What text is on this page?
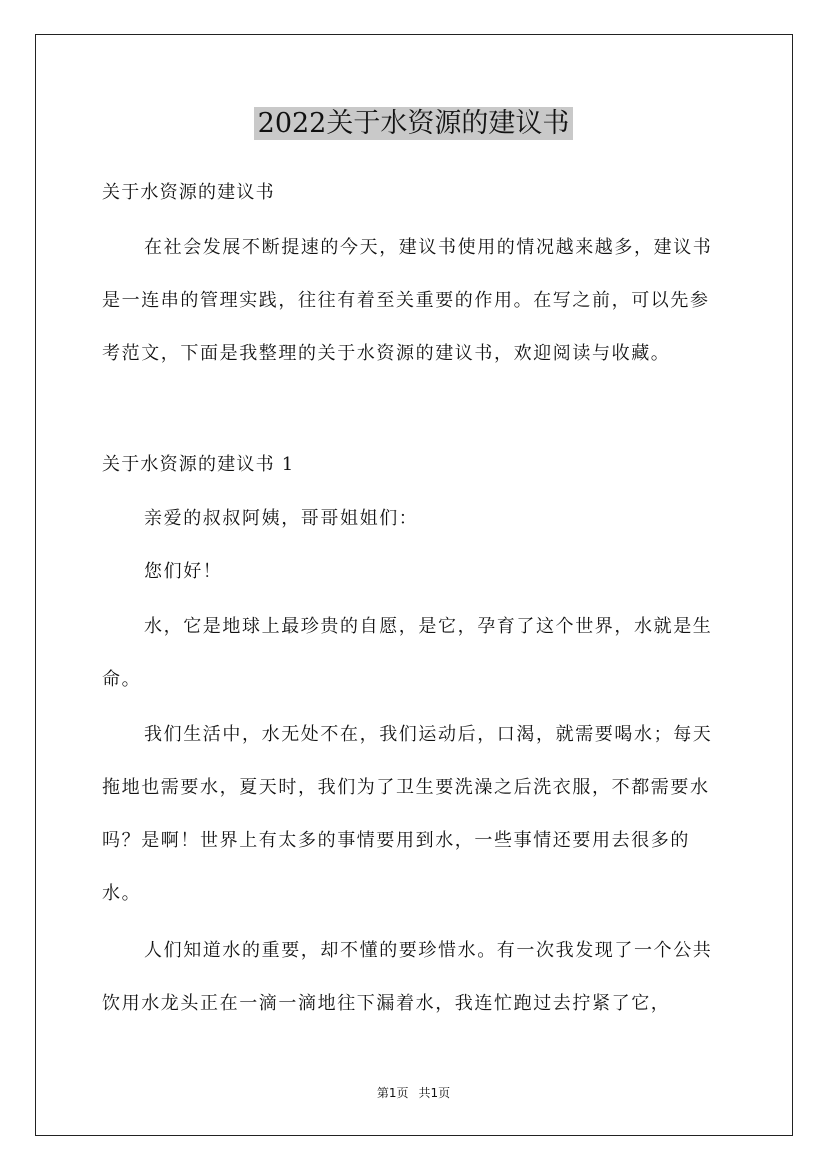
2022关于水资源的建议书

关于水资源的建议书

在社会发展不断提速的今天，建议书使用的情况越来越多，建议书是一连串的管理实践，往往有着至关重要的作用。在写之前，可以先参考范文，下面是我整理的关于水资源的建议书，欢迎阅读与收藏。

关于水资源的建议书 1

亲爱的叔叔阿姨，哥哥姐姐们：

您们好！

水，它是地球上最珍贵的自愿，是它，孕育了这个世界，水就是生命。

我们生活中，水无处不在，我们运动后，口渴，就需要喝水；每天拖地也需要水，夏天时，我们为了卫生要洗澡之后洗衣服，不都需要水吗？是啊！世界上有太多的事情要用到水，一些事情还要用去很多的水。

人们知道水的重要，却不懂的要珍惜水。有一次我发现了一个公共饮用水龙头正在一滴一滴地往下漏着水，我连忙跑过去拧紧了它，

第1页 共1页
